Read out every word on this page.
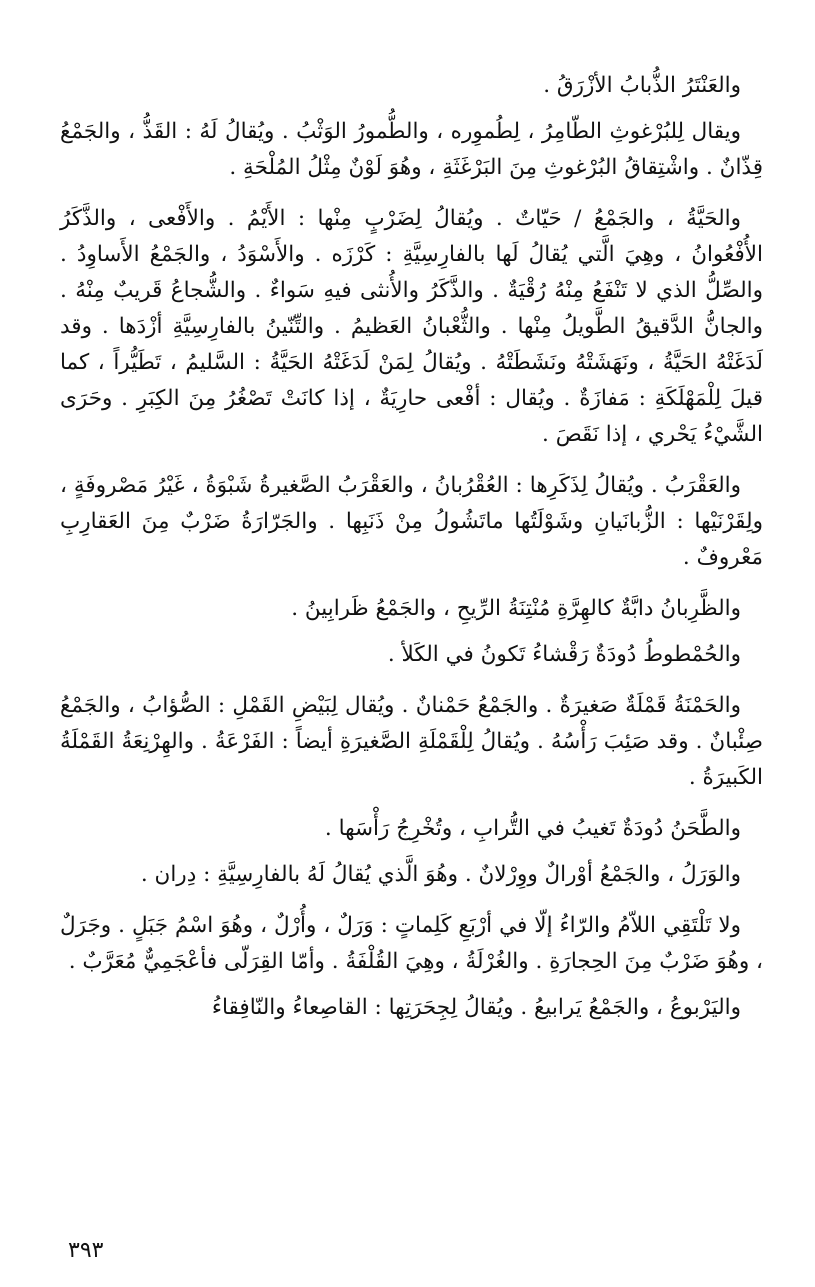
والعَنْتَرُ الذُّبابُ الأزْرَقُ .

ويقال لِلبُرْغوثِ الطّامِرُ ، لِطُموِره ، والطُّمورُ الوَثْبُ . ويُقالُ لَهُ : القَذُّ ، والجَمْعُ قِذّانٌ . واشْتِقاقُ البُرْغوثِ مِنَ البَرْغَثَةِ ، وهُوَ لَوْنٌ مِثْلُ المُلْحَةِ .

والحَيَّةُ ، والجَمْعُ / حَيّاتٌ . ويُقالُ لِضَرْبٍ مِنْها : الأَيْمُ . والأَفْعى ، والذَّكَرُ الأُفْعُوانُ ، وهِيَ الَّتي يُقالُ لَها بالفارِسِيَّةِ : كَرْزَه . والأَسْوَدُ ، والجَمْعُ الأَساوِدُ . والصِّلُّ الذي لا تَنْفَعُ مِنْهُ رُقْيَةٌ . والذَّكَرُ والأُنثى فيهِ سَواءٌ . والشُّجاعُ قَريبٌ مِنْهُ . والجانُّ الدَّقيقُ الطَّويلُ مِنْها . والثُّعْبانُ العَظيمُ . والتِّنّينُ بالفارِسِيَّةِ أزْدَها . وقد لَدَغَتْهُ الحَيَّةُ ، ونَهَشَتْهُ ونَشَطَتْهُ . ويُقالُ لِمَنْ لَدَغَتْهُ الحَيَّةُ : السَّليمُ ، تَطَيُّراً ، كما قيلَ لِلْمَهْلَكَةِ : مَفازَةٌ . ويُقال : أفْعى حارِيَةٌ ، إذا كانَتْ تَصْغُرُ مِنَ الكِبَرِ . وحَرَى الشَّيْءُ يَحْري ، إذا نَقَصَ .

والعَقْرَبُ . ويُقالُ لِذَكَرِها : العُقْرُبانُ ، والعَقْرَبُ الصَّغيرةُ شَبْوَةُ ، غَيْرُ مَصْروفَةٍ ، ولِقَرْنَيْها : الزُّبانَيانِ وشَوْلَتُها ماتَشُولُ مِنْ ذَنَبِها . والجَرّارَةُ ضَرْبٌ مِنَ العَقارِبِ مَعْروفٌ .

والظَّرِبانُ دابَّةٌ كالهِرَّةِ مُنْتِنَةُ الرِّيحِ ، والجَمْعُ ظَرابِينُ .

والحُمْطوطُ دُودَةٌ رَقْشاءُ تَكونُ في الكَلأ .

والحَمْنَةُ قَمْلَةٌ صَغيرَةٌ . والجَمْعُ حَمْنانٌ . ويُقال لِبَيْضِ القَمْلِ : الصُّؤابُ ، والجَمْعُ صِئْبانٌ . وقد صَئِبَ رَأْسُهُ . ويُقالُ لِلْقَمْلَةِ الصَّغيرَةِ أيضاً : الفَرْعَةُ . والهِرْنِعَةُ القَمْلَةُ الكَبيرَةُ .

والطَّحَنُ دُودَةٌ تَغيبُ في التُّرابِ ، وتُخْرِجُ رَأْسَها .

والوَرَلُ ، والجَمْعُ أوْرالٌ ووِرْلانٌ . وهُوَ الَّذي يُقالُ لَهُ بالفارِسِيَّةِ : دِران .

ولا تَلْتَقِي اللاّمُ والرّاءُ إلّا في أرْبَعِ كَلِماتٍ : وَرَلٌ ، وأُرْلٌ ، وهُوَ اسْمُ جَبَلٍ . وجَرَلٌ ، وهُوَ ضَرْبٌ مِنَ الحِجارَةِ . والغُرْلَةُ ، وهِيَ القُلْفَةُ . وأمّا القِرَلّى فأعْجَمِيٌّ مُعَرَّبٌ .

واليَرْبوعُ ، والجَمْعُ يَرابيعُ . ويُقالُ لِجِحَرَتِها : القاصِعاءُ والنّافِقاءُ

٣٩٣
